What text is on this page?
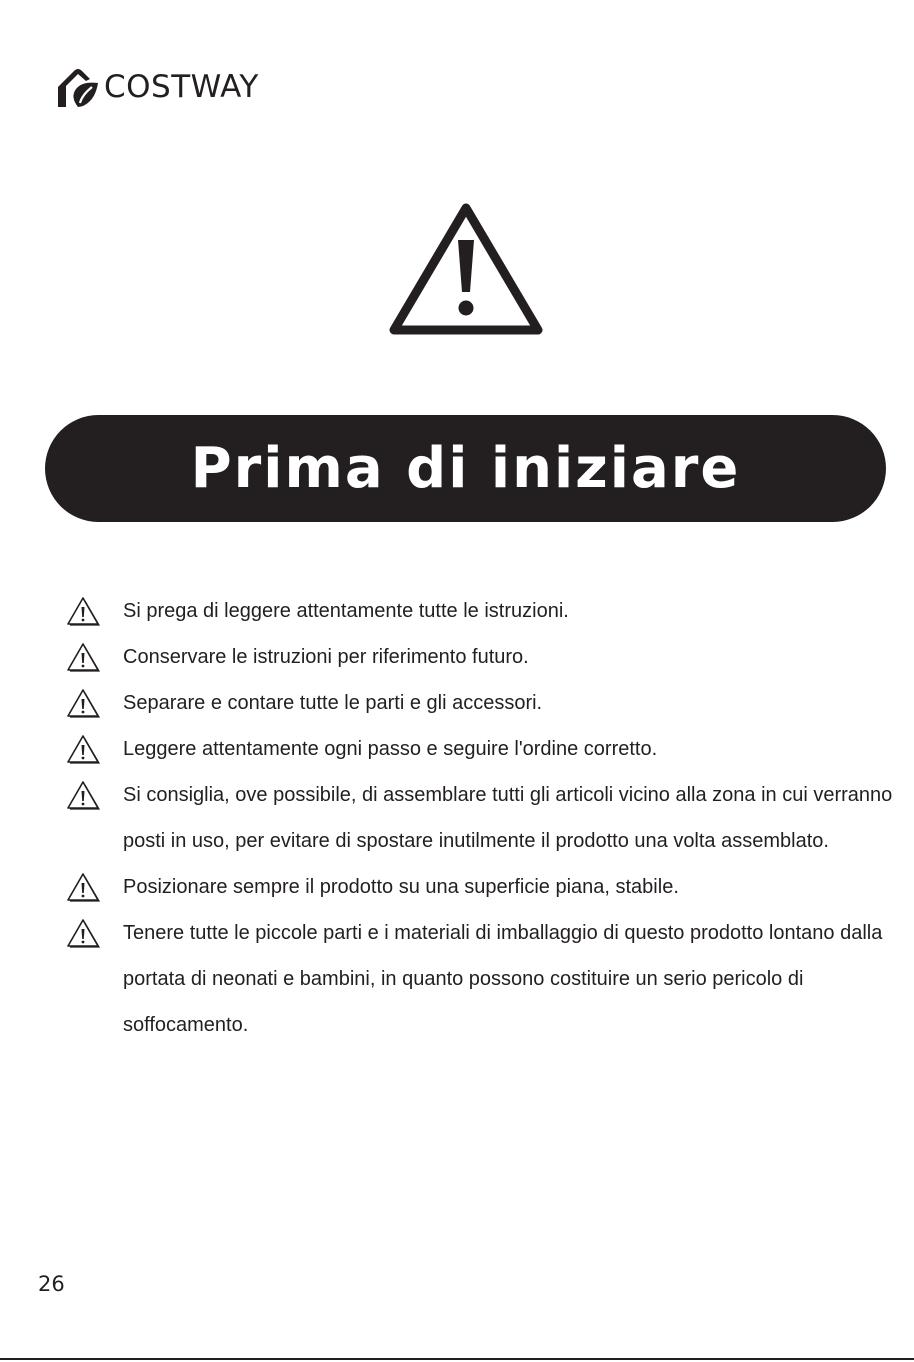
COSTWAY
Prima di iniziare
Si prega di leggere attentamente tutte le istruzioni.
Conservare le istruzioni per riferimento futuro.
Separare e contare tutte le parti e gli accessori.
Leggere attentamente ogni passo e seguire l'ordine corretto.
Si consiglia, ove possibile, di assemblare tutti gli articoli vicino alla zona in cui verranno posti in uso, per evitare di spostare inutilmente il prodotto una volta assemblato.
Posizionare sempre il prodotto su una superficie piana, stabile.
Tenere tutte le piccole parti e i materiali di imballaggio di questo prodotto lontano dalla portata di neonati e bambini, in quanto possono costituire un serio pericolo di soffocamento.
26
